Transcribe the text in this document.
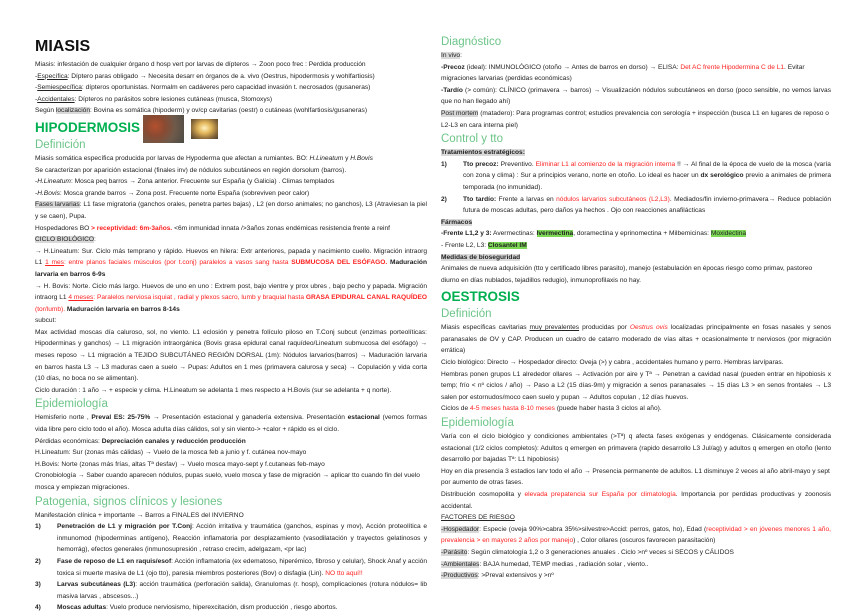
MIASIS
Miasis: infestación de cualquier órgano d hosp vert por larvas de dípteros → Zoon poco frec : Perdida producción
-Específica: Díptero paras obligado → Necesita desarr en órganos de a. vivo (Oestrus, hipodermosis y wohlfartiosis)
-Semiespecífica: dípteros oportunistas. Normalm en cadáveres pero capacidad invasión t. necrosados (gusaneras)
-Accidentales: Dípteros no parásitos sobre lesiones cutáneas (musca, Stomoxys)
Según localización: Bovina es somática (hipoderm) y ov/cp cavitarias (oestr) o cutáneas (wohlfartiosis/gusaneras)
HIPODERMOSIS
Definición
Miasis somática específica producida por larvas de Hypoderma que afectan a rumiantes. BO: H.Lineatum y H.Bovis
Se caracterizan por aparición estacional (finales inv) de nódulos subcutáneos en región dorsolum (barros).
-H.Lineatum: Mosca peq barros → Zona anterior. Frecuente sur España (y Galicia) . Climas templados
-H.Bovis: Mosca grande barros → Zona post. Frecuente norte España (sobreviven peor calor)
Fases larvarias: L1 fase migratoria (ganchos orales, penetra partes bajas) , L2 (en dorso animales; no ganchos), L3 (Atraviesan la piel y se caen), Pupa.
Hospedadores BO > receptividad: 6m-3años. <6m inmunidad innata />3años zonas endémicas resistencia frente a reinf
CICLO BIOLÓGICO:
→ H.Lineatum: Sur. Ciclo más temprano y rápido. Huevos en hilera: Extr anteriores, papada y nacimiento cuello. Migración intraorg L1 1 mes: entre planos faciales músculos (por t.conj) paralelos a vasos sang hasta SUBMUCOSA DEL ESÓFAGO. Maduración larvaria en barros 6-9s
→ H. Bovis: Norte. Ciclo más largo. Huevos de uno en uno : Extrem post, bajo vientre y prox ubres , bajo pecho y papada. Migración intraorg L1 4 meses: Paralelos nerviosa isquiat , radial y plexos sacro, lumb y braquial hasta GRASA EPIDURAL CANAL RAQUÍDEO (tor/lumb). Maduración larvaria en barros 8-14s
subcut:
Max actividad moscas día caluroso, sol, no viento. L1 eclosión y penetra folículo piloso en T.Conj subcut (enzimas porteolíticas: Hipoderminas y ganchos) → L1 migración intraorgánica (Bovis grasa epidural canal raquídeo/Lineatum submucosa del esófago) → meses reposo → L1 migración a TEJIDO SUBCUTÁNEO REGIÓN DORSAL (1m): Nódulos larvarios(barros) → Maduración larvaria en barros hasta L3 → L3 maduras caen a suelo → Pupas: Adultos en 1 mes (primavera calurosa y seca) → Copulación y vida corta (10 días, no boca no se alimentan).
Ciclo duración : 1 año → + especie y clima. H.Lineatum se adelanta 1 mes respecto a H.Bovis (sur se adelanta + q norte).
Epidemiología
Hemisferio norte , Preval ES: 25-75% → Presentación estacional y ganadería extensiva. Presentación estacional (vemos formas vida libre pero ciclo todo el año). Mosca adulta días cálidos, sol y sin viento-> +calor + rápido es el ciclo.
Pérdidas económicas: Depreciación canales y reducción producción
H.Lineatum: Sur (zonas más cálidas) → Vuelo de la mosca feb a junio y f. cutánea nov-mayo
H.Bovis: Norte (zonas más frías, altas Tª desfav) → Vuelo mosca mayo-sept y f.cutaneas feb-mayo
Cronobiología → Saber cuando aparecen nódulos, pupas suelo, vuelo mosca y fase de migración → aplicar tto cuando fin del vuelo mosca y empiezan migraciones.
Patogenia, signos clínicos y lesiones
Manifestación clínica + importante → Barros a FINALES del INVIERNO
1)	Penetración de L1 y migración por T.Conj: Acción irritativa y traumática (ganchos, espinas y mov), Acción proteolítica e inmunomod (hipoderminas antígeno), Reacción inflamatoria por desplazamiento (vasodilatación y trayectos gelatinosos y hemorrág), efectos generales (inmunosupresión , retraso crecim, adelgazam, <pr lac)
2)	Fase de reposo de L1 en raquis/esof: Acción inflamatoria (ex edematoso, hiperémico, fibroso y celular), Shock Anaf y acción toxica si muerte masiva de L1 (ojo tto), paresia miembros posteriores (Bov) o disfagia (Lin). NO tto aquí!!
3)	Larvas subcutáneas (L3): acción traumática (perforación salida), Granulomas (r. hosp), complicaciones (rotura nódulos= lib masiva larvas , abscesos...)
4)	Moscas adultas: Vuelo produce nerviosismo, hiperexcitación, dism producción , riesgo abortos.
Diagnóstico
In vivo:
-Precoz (ideal): INMUNOLÓGICO (otoño → Antes de barros en dorso) → ELISA: Det AC frente Hipodermina C de L1. Evitar migraciones larvarias (perdidas económicas)
-Tardío (> común): CLÍNICO (primavera → barros) → Visualización nódulos subcutáneos en dorso (poco sensible, no vemos larvas que no han llegado ahí)
Post mortem (matadero): Para programas control; estudios prevalencia con serología + inspección (busca L1 en lugares de reposo o L2-L3 en cara interna piel)
Control y tto
Tratamientos estratégicos:
1)	Tto precoz: Preventivo. Eliminar L1 al comienzo de la migración interna !! → Al final de la época de vuelo de la mosca (varía con zona y clima) : Sur a principios verano, norte en otoño. Lo ideal es hacer un dx serológico previo a animales de primera temporada (no inmunidad).
2)	Tto tardío: Frente a larvas en nódulos larvarios subcutáneos (L2,L3). Mediados/fin invierno-primavera→ Reduce población futura de moscas adultas, pero daños ya hechos . Ojo con reacciones anafilácticas
Fármacos
-Frente L1,2 y 3: Avermectinas: Ivermectina, doramectina y eprinomectina + Milbemicinas: Moxidectina
- Frente L2, L3: Closantel IM
Medidas de bioseguridad
Animales de nueva adquisición (tto y certificado libres parasito), manejo (estabulación en épocas riesgo como primav, pastoreo diurno en días nublados, tejadillos redugio), inmunoprofilaxis no hay.
OESTROSIS
Definición
Miasis específicas cavitarias muy prevalentes producidas por Oestrus ovis localizadas principalmente en fosas nasales y senos paranasales de OV y CAP. Producen un cuadro de catarro moderado de vías altas + ocasionalmente tr nerviosos (por migración errática)
Ciclo biológico: Directo → Hospedador directo: Oveja (>) y cabra , accidentales humano y perro. Hembras larvíparas.
Hembras ponen grupos L1 alrededor ollares → Activación por aire y Tª → Penetran a cavidad nasal (pueden entrar en hipobiosis x temp; frío < nº ciclos / año) → Paso a L2 (15 días-9m) y migración a senos paranasales → 15 días L3 > en senos frontales → L3 salen por estornudos/moco caen suelo y pupan → Adultos copulan , 12 días huevos.
Ciclos de 4-5 meses hasta 8-10 meses (puede haber hasta 3 ciclos al año).
Epidemiología
Varía con el ciclo biológico y condiciones ambientales (>Tª) q afecta fases exógenas y endógenas. Clásicamente considerada estacional (1/2 ciclos completos): Adultos q emergen en primavera (rapido desarrollo L3 Jul/ag) y adultos q emergen en otoño (lento desarrollo por bajadas Tª: L1 hipobiosis)
Hoy en día presencia 3 estadios larv todo el año → Presencia permanente de adultos. L1 disminuye 2 veces al año abril-mayo y sept por aumento de otras fases.
Distribución cosmopolita y elevada prepatencia sur España por climatología. Importancia por perdidas productivas y zoonosis accidental.
FACTORES DE RIESGO
-Hospedador: Especie (oveja 90%>cabra 35%>silvestre>Accid: perros, gatos, ho), Edad (receptividad > en jóvenes menores 1 año, prevalencia > en mayores 2 años por manejo) , Color ollares (oscuros favorecen parasitación)
-Parásito: Según climatología 1,2 o 3 generaciones anuales . Ciclo >nº veces si SECOS y CÁLIDOS
-Ambientales: BAJA humedad, TEMP medias , radiación solar , viento..
-Productivos: >Preval extensivos y >nº
